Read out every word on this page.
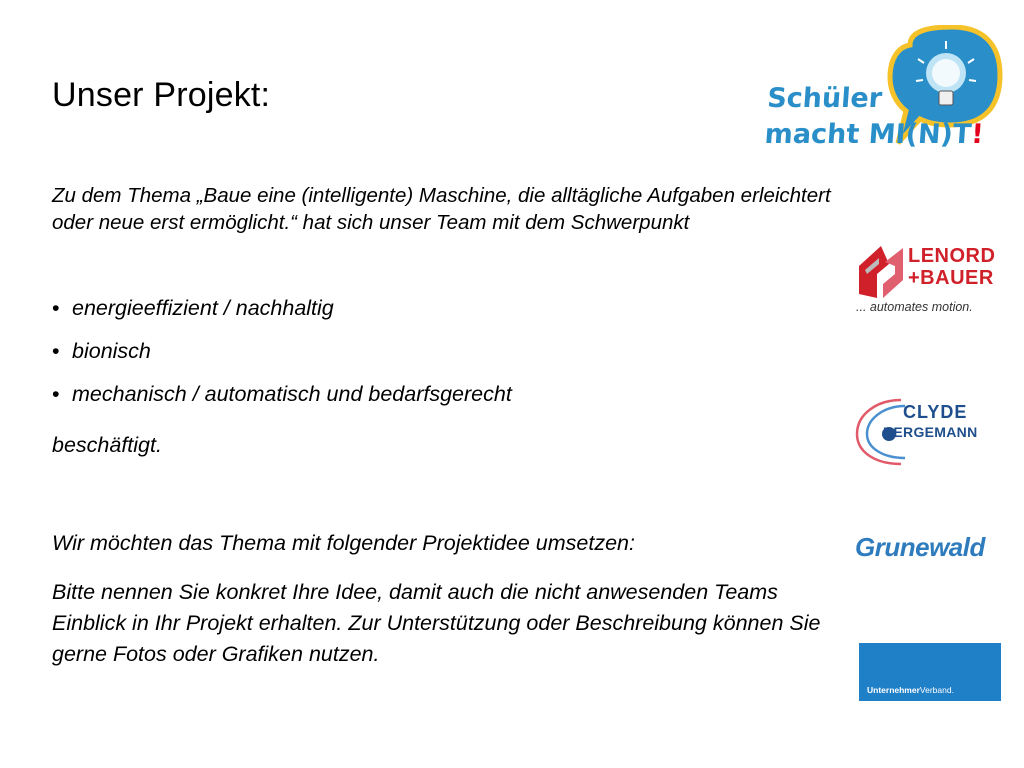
Unser Projekt:
Zu dem Thema „Baue eine (intelligente) Maschine, die alltägliche Aufgaben erleichtert oder neue erst ermöglicht.“ hat sich unser Team mit dem Schwerpunkt
• energieeffizient / nachhaltig
• bionisch
• mechanisch / automatisch und bedarfsgerecht
beschäftigt.
Wir möchten das Thema mit folgender Projektidee umsetzen:
Bitte nennen Sie konkret Ihre Idee, damit auch die nicht anwesenden Teams Einblick in Ihr Projekt erhalten. Zur Unterstützung oder Beschreibung können Sie gerne Fotos oder Grafiken nutzen.
Schüler
macht MI(N)T!
LENORD
+BAUER
... automates motion.
CLYDE
BERGEMANN
Grunewald
UnternehmerVerband.
